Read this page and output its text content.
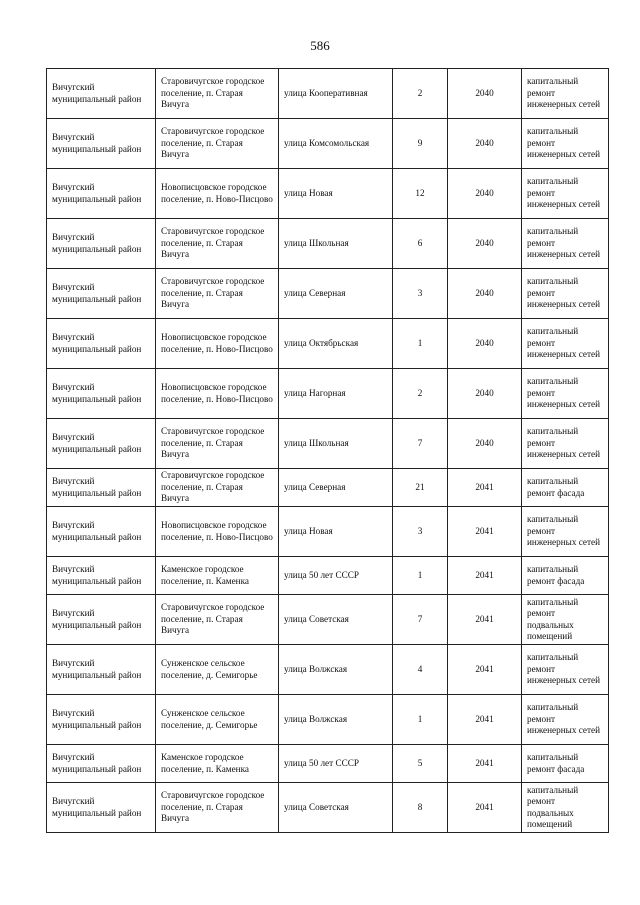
586
Вичугский муниципальный район	Старовичугское городское поселение, п. Старая Вичуга	улица Кооперативная	2	2040	капитальный ремонт инженерных сетей
Вичугский муниципальный район	Старовичугское городское поселение, п. Старая Вичуга	улица Комсомольская	9	2040	капитальный ремонт инженерных сетей
Вичугский муниципальный район	Новописцовское городское поселение, п. Ново-Писцово	улица Новая	12	2040	капитальный ремонт инженерных сетей
Вичугский муниципальный район	Старовичугское городское поселение, п. Старая Вичуга	улица Школьная	6	2040	капитальный ремонт инженерных сетей
Вичугский муниципальный район	Старовичугское городское поселение, п. Старая Вичуга	улица Северная	3	2040	капитальный ремонт инженерных сетей
Вичугский муниципальный район	Новописцовское городское поселение, п. Ново-Писцово	улица Октябрьская	1	2040	капитальный ремонт инженерных сетей
Вичугский муниципальный район	Новописцовское городское поселение, п. Ново-Писцово	улица Нагорная	2	2040	капитальный ремонт инженерных сетей
Вичугский муниципальный район	Старовичугское городское поселение, п. Старая Вичуга	улица Школьная	7	2040	капитальный ремонт инженерных сетей
Вичугский муниципальный район	Старовичугское городское поселение, п. Старая Вичуга	улица Северная	21	2041	капитальный ремонт фасада
Вичугский муниципальный район	Новописцовское городское поселение, п. Ново-Писцово	улица Новая	3	2041	капитальный ремонт инженерных сетей
Вичугский муниципальный район	Каменское городское поселение, п. Каменка	улица 50 лет СССР	1	2041	капитальный ремонт фасада
Вичугский муниципальный район	Старовичугское городское поселение, п. Старая Вичуга	улица Советская	7	2041	капитальный ремонт подвальных помещений
Вичугский муниципальный район	Сунженское сельское поселение, д. Семигорье	улица Волжская	4	2041	капитальный ремонт инженерных сетей
Вичугский муниципальный район	Сунженское сельское поселение, д. Семигорье	улица Волжская	1	2041	капитальный ремонт инженерных сетей
Вичугский муниципальный район	Каменское городское поселение, п. Каменка	улица 50 лет СССР	5	2041	капитальный ремонт фасада
Вичугский муниципальный район	Старовичугское городское поселение, п. Старая Вичуга	улица Советская	8	2041	капитальный ремонт подвальных помещений
